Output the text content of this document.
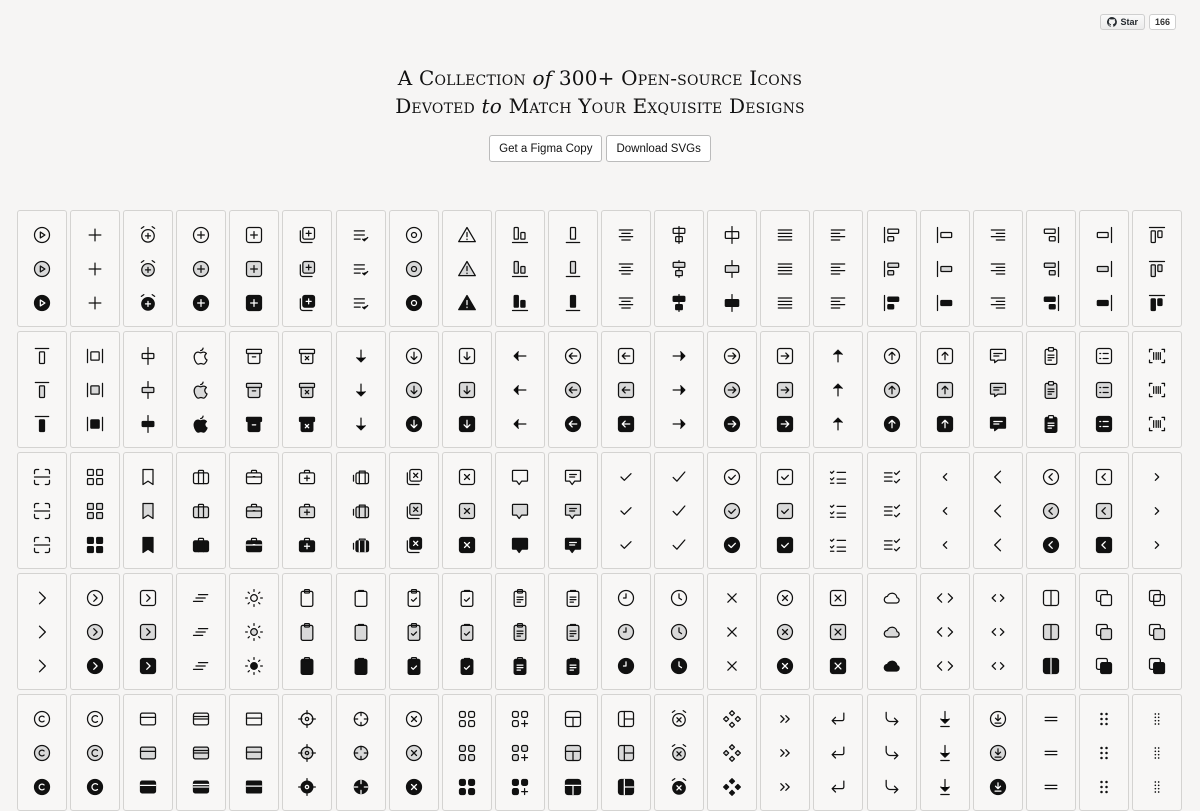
Star	166
A Collection of 300+ Open-source Icons
Devoted to Match Your Exquisite Designs
Get a Figma Copy	Download SVGs
